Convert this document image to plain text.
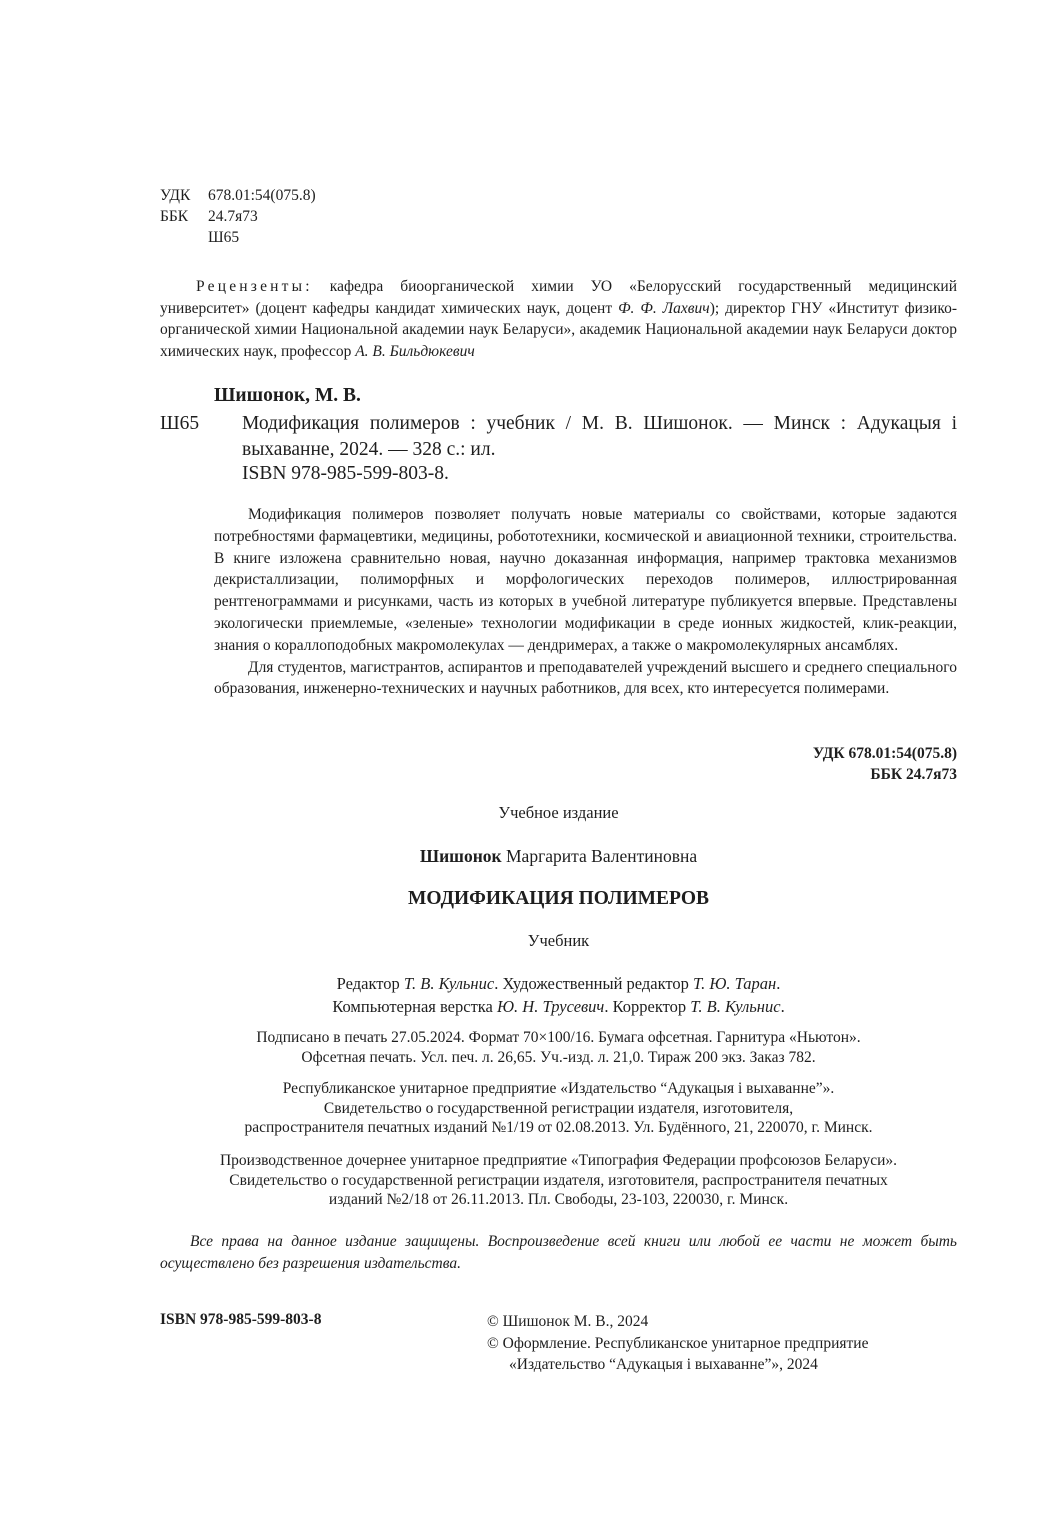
УДК	678.01:54(075.8)
ББК	24.7я73
Ш65
Рецензенты: кафедра биоорганической химии УО «Белорусский государственный медицинский университет» (доцент кафедры кандидат химических наук, доцент Ф. Ф. Лахвич); директор ГНУ «Институт физико-органической химии Национальной академии наук Беларуси», академик Национальной академии наук Беларуси доктор химических наук, профессор А. В. Бильдюкевич
Шишонок, М. В.
Ш65 Модификация полимеров : учебник / М. В. Шишонок. — Минск : Адукацыя і выхаванне, 2024. — 328 с.: ил.
ISBN 978-985-599-803-8.

Модификация полимеров позволяет получать новые материалы со свойствами, которые задаются потребностями фармацевтики, медицины, робототехники, космической и авиационной техники, строительства. В книге изложена сравнительно новая, научно доказанная информация, например трактовка механизмов декристаллизации, полиморфных и морфологических переходов полимеров, иллюстрированная рентгенограммами и рисунками, часть из которых в учебной литературе публикуется впервые. Представлены экологически приемлемые, «зеленые» технологии модификации в среде ионных жидкостей, клик-реакции, знания о кораллоподобных макромолекулах — дендримерах, а также о макромолекулярных ансамблях.

Для студентов, магистрантов, аспирантов и преподавателей учреждений высшего и среднего специального образования, инженерно-технических и научных работников, для всех, кто интересуется полимерами.

УДК 678.01:54(075.8)
ББК 24.7я73
Учебное издание
Шишонок Маргарита Валентиновна
МОДИФИКАЦИЯ ПОЛИМЕРОВ
Учебник
Редактор Т. В. Кульнис. Художественный редактор Т. Ю. Таран.
Компьютерная верстка Ю. Н. Трусевич. Корректор Т. В. Кульнис.
Подписано в печать 27.05.2024. Формат 70×100/16. Бумага офсетная. Гарнитура «Ньютон».
Офсетная печать. Усл. печ. л. 26,65. Уч.-изд. л. 21,0. Тираж 200 экз. Заказ 782.
Республиканское унитарное предприятие «Издательство “Адукацыя і выхаванне”».
Свидетельство о государственной регистрации издателя, изготовителя,
распространителя печатных изданий №1/19 от 02.08.2013. Ул. Будённого, 21, 220070, г. Минск.
Производственное дочернее унитарное предприятие «Типография Федерации профсоюзов Беларуси».
Свидетельство о государственной регистрации издателя, изготовителя, распространителя печатных
изданий №2/18 от 26.11.2013. Пл. Свободы, 23-103, 220030, г. Минск.
Все права на данное издание защищены. Воспроизведение всей книги или любой ее части не может быть осуществлено без разрешения издательства.
ISBN 978-985-599-803-8	© Шишонок М. В., 2024
© Оформление. Республиканское унитарное предприятие
«Издательство “Адукацыя і выхаванне”», 2024
